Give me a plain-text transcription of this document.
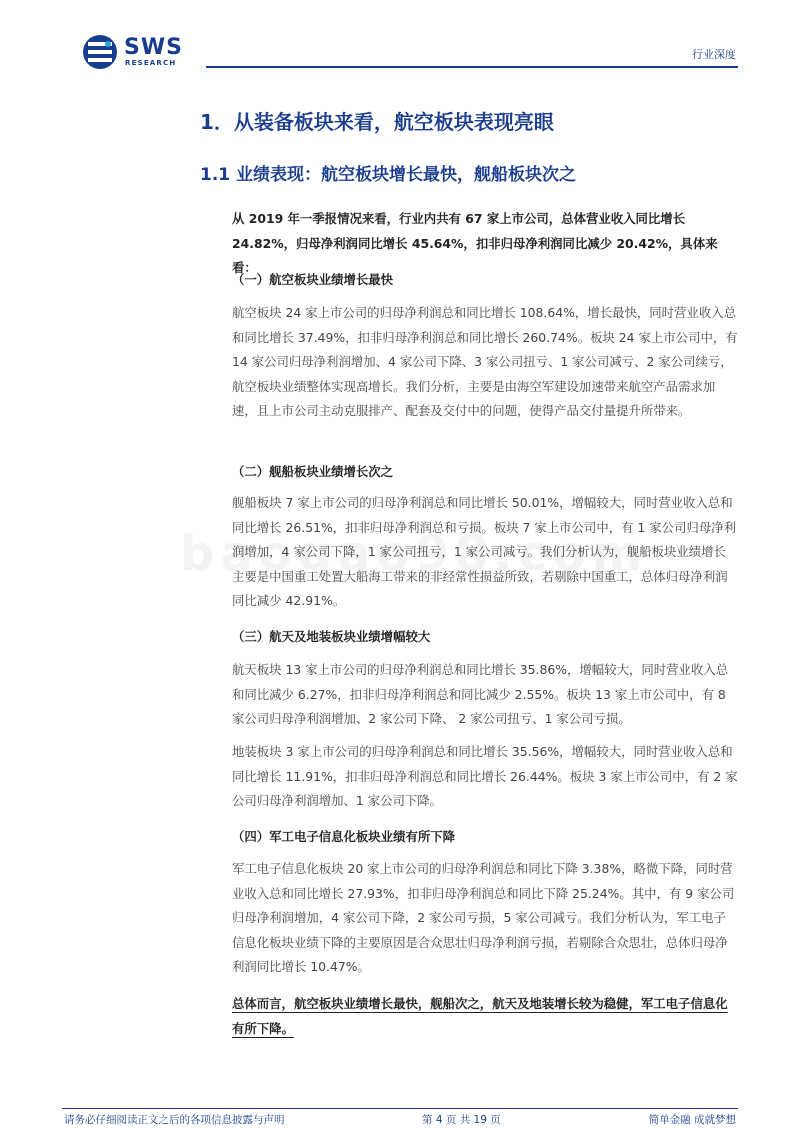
SWS
RESEARCH
行业深度
1．从装备板块来看，航空板块表现亮眼
1.1 业绩表现：航空板块增长最快，舰船板块次之

从 2019 年一季报情况来看，行业内共有 67 家上市公司，总体营业收入同比增长 24.82%，归母净利润同比增长 45.64%，扣非归母净利润同比减少 20.42%，具体来看：

（一）航空板块业绩增长最快

航空板块 24 家上市公司的归母净利润总和同比增长 108.64%，增长最快，同时营业收入总和同比增长 37.49%，扣非归母净利润总和同比增长 260.74%。板块 24 家上市公司中，有 14 家公司归母净利润增加、4 家公司下降、3 家公司扭亏、1 家公司减亏、2 家公司续亏，航空板块业绩整体实现高增长。我们分析，主要是由海空军建设加速带来航空产品需求加速，且上市公司主动克服排产、配套及交付中的问题，使得产品交付量提升所带来。

（二）舰船板块业绩增长次之

舰船板块 7 家上市公司的归母净利润总和同比增长 50.01%，增幅较大，同时营业收入总和同比增长 26.51%，扣非归母净利润总和亏损。板块 7 家上市公司中，有 1 家公司归母净利润增加，4 家公司下降，1 家公司扭亏，1 家公司减亏。我们分析认为，舰船板块业绩增长主要是中国重工处置大船海工带来的非经常性损益所致，若剔除中国重工，总体归母净利润同比减少 42.91%。

（三）航天及地装板块业绩增幅较大

航天板块 13 家上市公司的归母净利润总和同比增长 35.86%，增幅较大，同时营业收入总和同比减少 6.27%，扣非归母净利润总和同比减少 2.55%。板块 13 家上市公司中，有 8 家公司归母净利润增加、2 家公司下降、 2 家公司扭亏、1 家公司亏损。

地装板块 3 家上市公司的归母净利润总和同比增长 35.56%，增幅较大，同时营业收入总和同比增长 11.91%，扣非归母净利润总和同比增长 26.44%。板块 3 家上市公司中，有 2 家公司归母净利润增加、1 家公司下降。

（四）军工电子信息化板块业绩有所下降

军工电子信息化板块 20 家上市公司的归母净利润总和同比下降 3.38%，略微下降，同时营业收入总和同比增长 27.93%，扣非归母净利润总和同比下降 25.24%。其中，有 9 家公司归母净利润增加，4 家公司下降，2 家公司亏损，5 家公司减亏。我们分析认为，军工电子信息化板块业绩下降的主要原因是合众思壮归母净利润亏损，若剔除合众思壮，总体归母净利润同比增长 10.47%。

总体而言，航空板块业绩增长最快，舰船次之，航天及地装增长较为稳健，军工电子信息化有所下降。

请务必仔细阅读正文之后的各项信息披露与声明	第 4 页 共 19 页	简单金融 成就梦想
